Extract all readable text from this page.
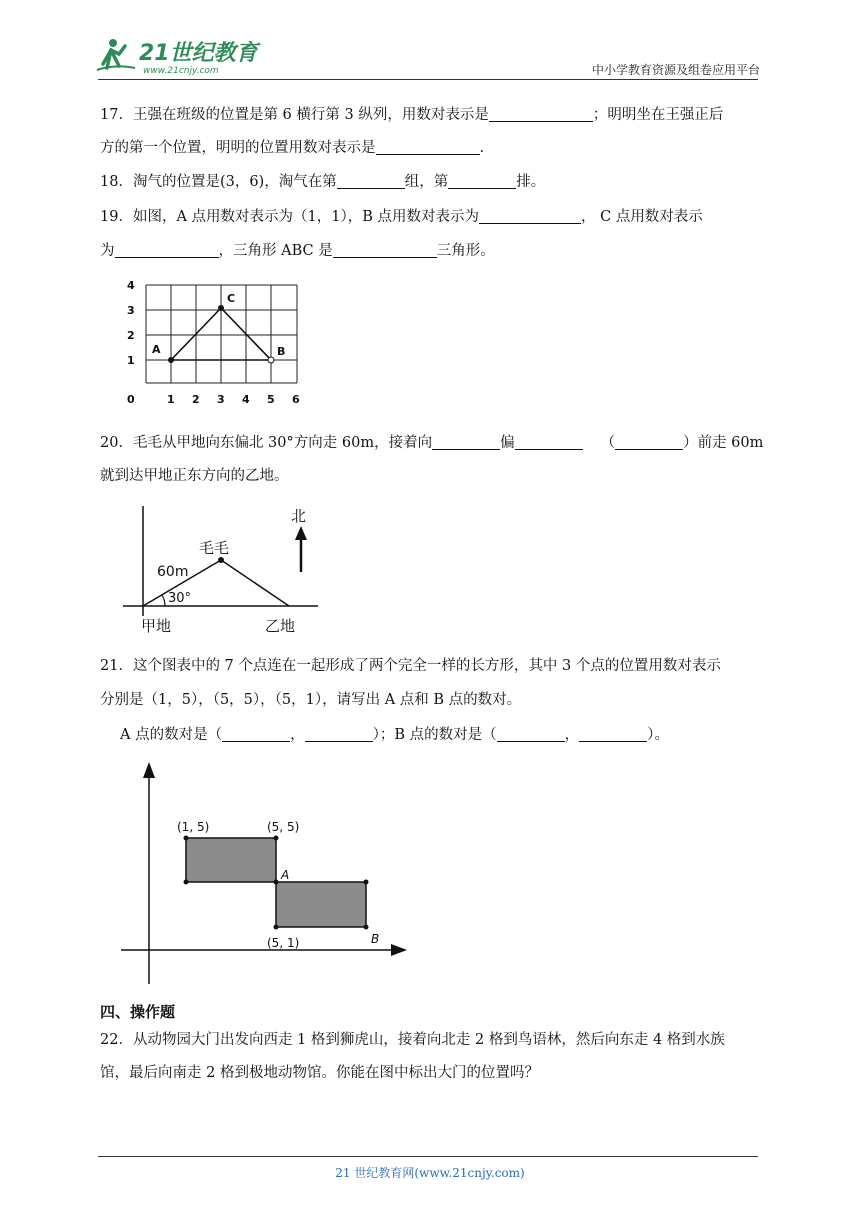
21世纪教育
www.21cnjy.com	中小学教育资源及组卷应用平台
17．王强在班级的位置是第 6 横行第 3 纵列，用数对表示是	；明明坐在王强正后
方的第一个位置，明明的位置用数对表示是	.
18．淘气的位置是(3，6)，淘气在第	组，第	排。
19．如图，A 点用数对表示为（1，1），B 点用数对表示为	， C 点用数对表示
为	，三角形 ABC 是	三角形。
A
C
B
1
2
3
4
0	1 2 3 4 5 6
20．毛毛从甲地向东偏北 30°方向走 60m，接着向	偏	（	）前走 60m
就到达甲地正东方向的乙地。
北
毛毛
60m
30°
甲地	乙地
21．这个图表中的 7 个点连在一起形成了两个完全一样的长方形，其中 3 个点的位置用数对表示
分别是（1，5），（5，5），（5，1），请写出 A 点和 B 点的数对。
A 点的数对是（	，	）；B 点的数对是（	，	）。
(1, 5)	(5, 5)
(5, 1)
A
B
四、操作题
22．从动物园大门出发向西走 1 格到狮虎山，接着向北走 2 格到鸟语林，然后向东走 4 格到水族
馆，最后向南走 2 格到极地动物馆。你能在图中标出大门的位置吗？
21 世纪教育网(www.21cnjy.com)
